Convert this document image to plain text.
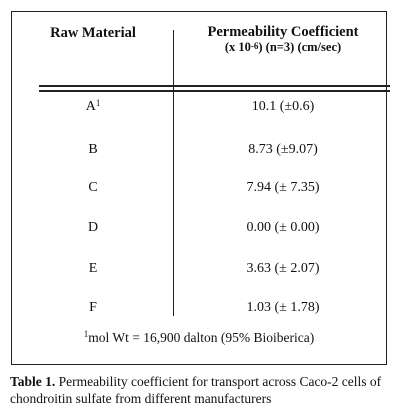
Raw Material	Permeability Coefficient
(x $10^{-6}$) (n=3) (cm/sec)
$A^1$	10.1 (±0.6)
B	8.73 (±9.07)
C	7.94 (± 7.35)
D	0.00 (± 0.00)
E	3.63 (± 2.07)
F	1.03 (± 1.78)
$^1$mol Wt = 16,900 dalton (95% Bioiberica)
Table 1. Permeability coefficient for transport across Caco-2 cells of chondroitin sulfate from different manufacturers
